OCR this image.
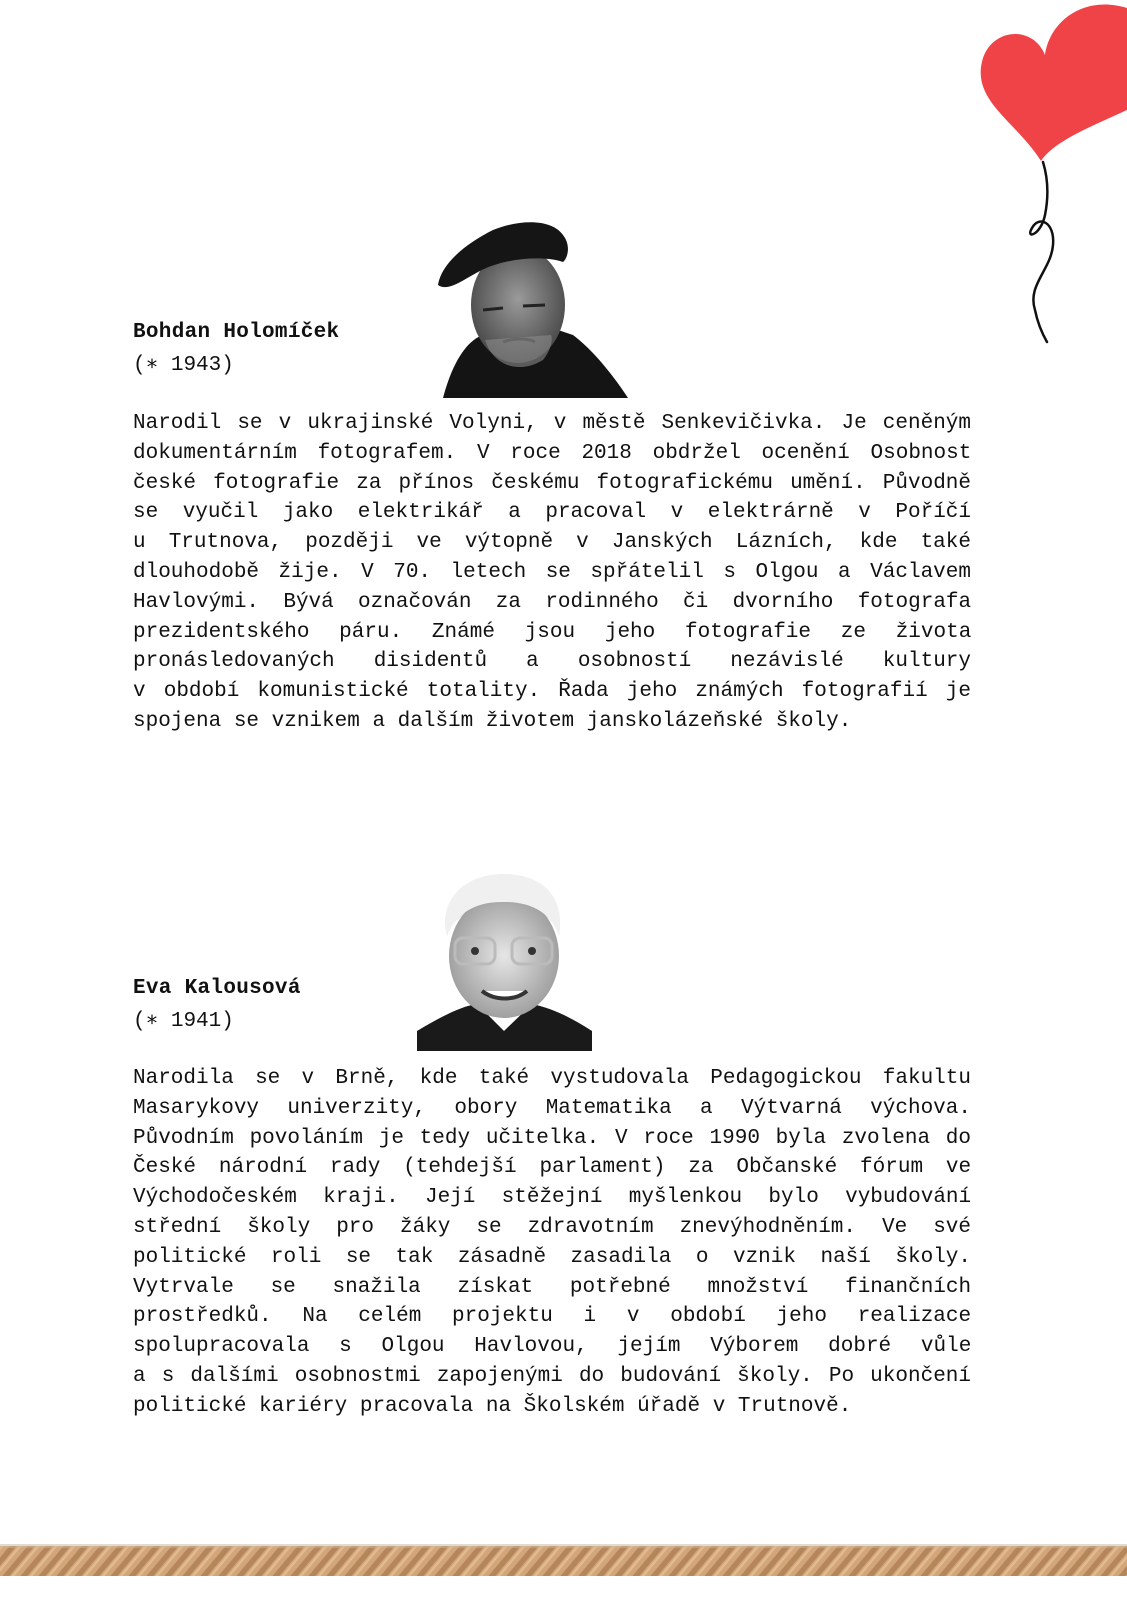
Bohdan Holomíček
(∗ 1943)

Narodil se v ukrajinské Volyni, v městě Senkevičivka. Je ceněným
dokumentárním fotografem. V roce 2018 obdržel ocenění Osobnost
české fotografie za přínos českému fotografickému umění. Původně
se vyučil jako elektrikář a pracoval v elektrárně v Poříčí
u Trutnova, později ve výtopně v Janských Lázních, kde také
dlouhodobě žije. V 70. letech se spřátelil s Olgou a Václavem
Havlovými. Bývá označován za rodinného či dvorního fotografa
prezidentského páru. Známé jsou jeho fotografie ze života
pronásledovaných disidentů a osobností nezávislé kultury
v období komunistické totality. Řada jeho známých fotografií je
spojena se vznikem a dalším životem janskolázeňské školy.

Eva Kalousová
(∗ 1941)

Narodila se v Brně, kde také vystudovala Pedagogickou fakultu
Masarykovy univerzity, obory Matematika a Výtvarná výchova.
Původním povoláním je tedy učitelka. V roce 1990 byla zvolena do
České národní rady (tehdejší parlament) za Občanské fórum ve
Východočeském kraji. Její stěžejní myšlenkou bylo vybudování
střední školy pro žáky se zdravotním znevýhodněním. Ve své
politické roli se tak zásadně zasadila o vznik naší školy.
Vytrvale se snažila získat potřebné množství finančních
prostředků. Na celém projektu i v období jeho realizace
spolupracovala s Olgou Havlovou, jejím Výborem dobré vůle
a s dalšími osobnostmi zapojenými do budování školy. Po ukončení
politické kariéry pracovala na Školském úřadě v Trutnově.
